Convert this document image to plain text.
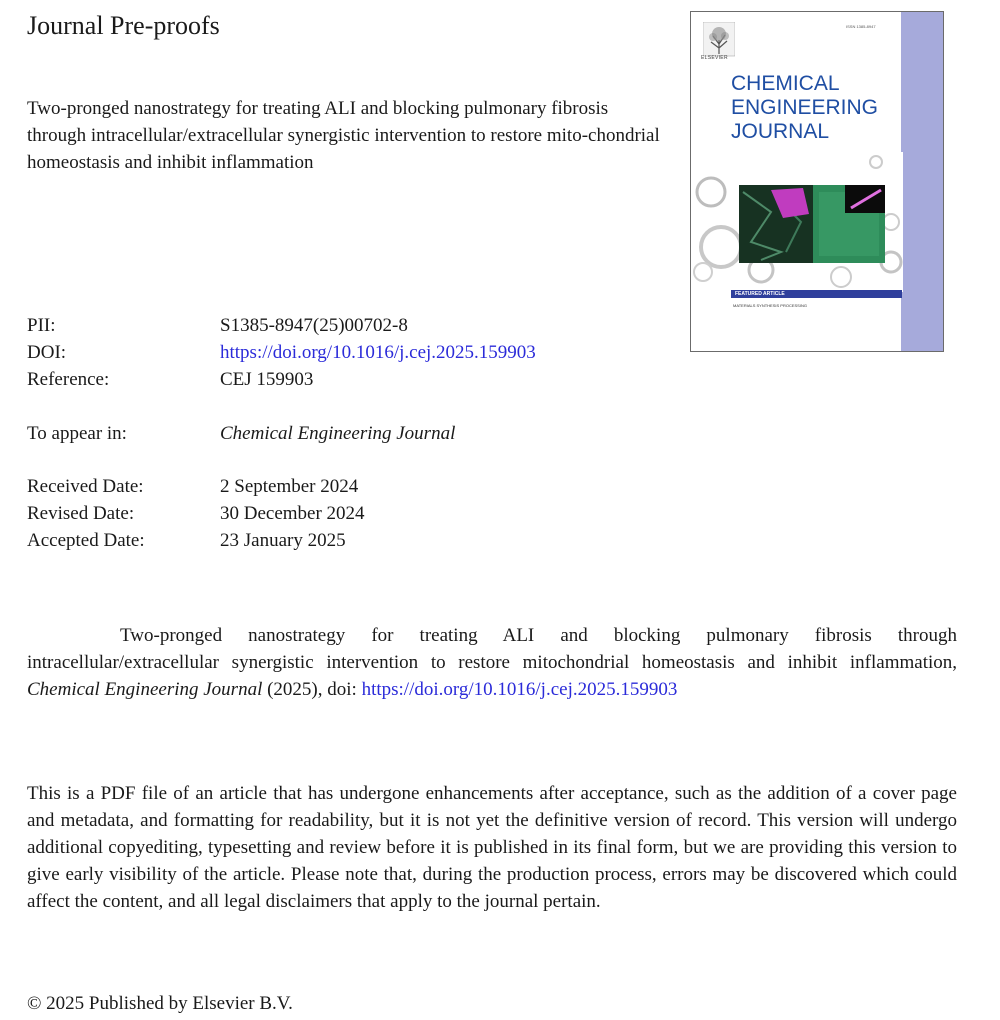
Journal Pre-proofs
Two-pronged nanostrategy for treating ALI and blocking pulmonary fibrosis through intracellular/extracellular synergistic intervention to restore mito-chondrial homeostasis and inhibit inflammation
PII:	S1385-8947(25)00702-8
DOI:	https://doi.org/10.1016/j.cej.2025.159903
Reference:	CEJ 159903
To appear in:	Chemical Engineering Journal
Received Date:	2 September 2024
Revised Date:	30 December 2024
Accepted Date:	23 January 2025
Two-pronged nanostrategy for treating ALI and blocking pulmonary fibrosis through intracellular/extracellular synergistic intervention to restore mitochondrial homeostasis and inhibit inflammation, Chemical Engineering Journal (2025), doi: https://doi.org/10.1016/j.cej.2025.159903
This is a PDF file of an article that has undergone enhancements after acceptance, such as the addition of a cover page and metadata, and formatting for readability, but it is not yet the definitive version of record. This version will undergo additional copyediting, typesetting and review before it is published in its final form, but we are providing this version to give early visibility of the article. Please note that, during the production process, errors may be discovered which could affect the content, and all legal disclaimers that apply to the journal pertain.
© 2025 Published by Elsevier B.V.
ISSN 1385-8947
ELSEVIER
CHEMICAL ENGINEERING JOURNAL
FEATURED ARTICLE
MATERIALS SYNTHESIS PROCESSING
